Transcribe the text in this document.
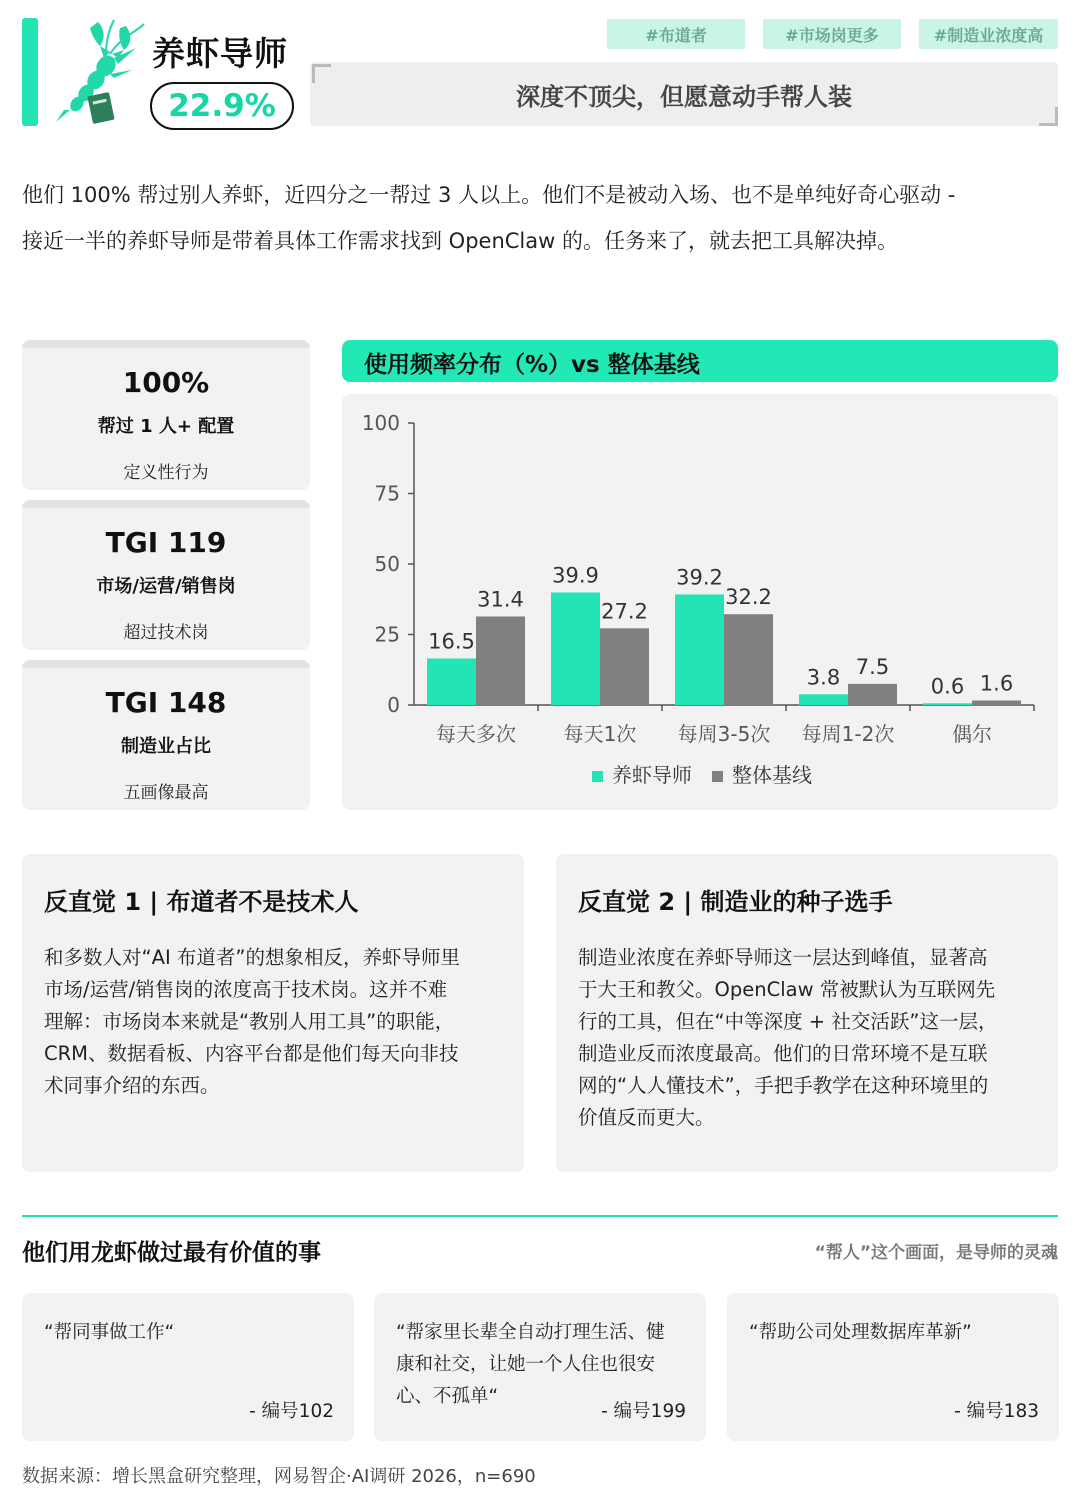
养虾导师
22.9%
#布道者	#市场岗更多	#制造业浓度高
深度不顶尖，但愿意动手帮人装
他们 100% 帮过别人养虾，近四分之一帮过 3 人以上。他们不是被动入场、也不是单纯好奇心驱动 -
接近一半的养虾导师是带着具体工作需求找到 OpenClaw 的。任务来了，就去把工具解决掉。
100%
帮过 1 人+ 配置
定义性行为
TGI 119
市场/运营/销售岗
超过技术岗
TGI 148
制造业占比
五画像最高
使用频率分布（%）vs 整体基线
0
25
50
75
100
每天多次
16.5
31.4
每天1次
39.9
27.2
每周3-5次
39.2
32.2
每周1-2次
3.8 7.5
偶尔
0.6 1.6
养虾导师 整体基线
反直觉 1 | 布道者不是技术人
和多数人对“AI 布道者”的想象相反，养虾导师里
市场/运营/销售岗的浓度高于技术岗。这并不难
理解：市场岗本来就是“教别人用工具”的职能，
CRM、数据看板、内容平台都是他们每天向非技
术同事介绍的东西。
反直觉 2 | 制造业的种子选手
制造业浓度在养虾导师这一层达到峰值，显著高
于大王和教父。OpenClaw 常被默认为互联网先
行的工具，但在“中等深度 + 社交活跃”这一层，
制造业反而浓度最高。他们的日常环境不是互联
网的“人人懂技术”，手把手教学在这种环境里的
价值反而更大。
他们用龙虾做过最有价值的事	“帮人”这个画面，是导师的灵魂
“帮同事做工作“
- 编号102
“帮家里长辈全自动打理生活、健
康和社交，让她一个人住也很安
心、不孤单“
- 编号199
“帮助公司处理数据库革新”
- 编号183
数据来源：增长黑盒研究整理，网易智企·AI调研 2026，n=690
